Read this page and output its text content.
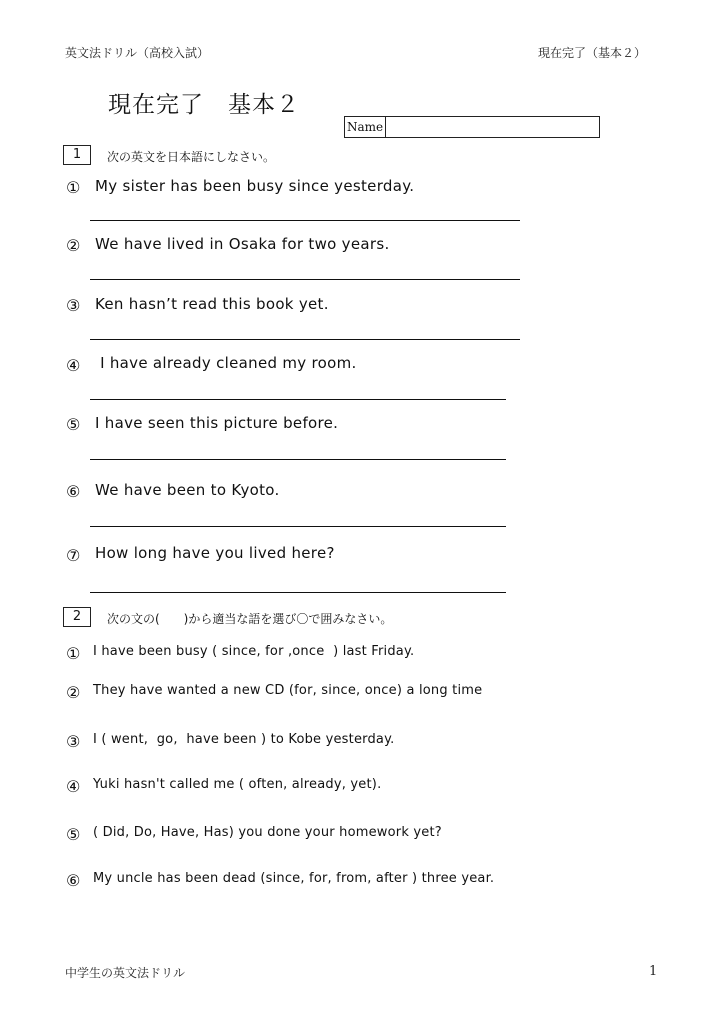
英文法ドリル（高校入試）	現在完了（基本２）
現在完了　基本２
Name
1	次の英文を日本語にしなさい。
① My sister has been busy since yesterday.
② We have lived in Osaka for two years.
③ Ken hasn’t read this book yet.
④ I have already cleaned my room.
⑤ I have seen this picture before.
⑥ We have been to Kyoto.
⑦ How long have you lived here?
2	次の文の(　　)から適当な語を選び〇で囲みなさい。
① I have been busy ( since, for ,once  ) last Friday.
② They have wanted a new CD (for, since, once) a long time
③ I ( went,  go,  have been ) to Kobe yesterday.
④ Yuki hasn't called me ( often, already, yet).
⑤ ( Did, Do, Have, Has) you done your homework yet?
⑥ My uncle has been dead (since, for, from, after ) three year.
中学生の英文法ドリル	1
